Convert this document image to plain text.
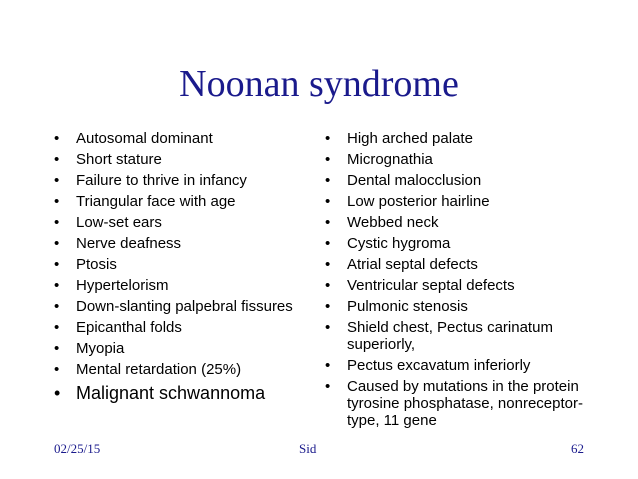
Noonan syndrome
• Autosomal dominant
• Short stature
• Failure to thrive in infancy
• Triangular face with age
• Low-set ears
• Nerve deafness
• Ptosis
• Hypertelorism
• Down-slanting palpebral fissures
• Epicanthal folds
• Myopia
• Mental retardation (25%)
• Malignant schwannoma
• High arched palate
• Micrognathia
• Dental malocclusion
• Low posterior hairline
• Webbed neck
• Cystic hygroma
• Atrial septal defects
• Ventricular septal defects
• Pulmonic stenosis
• Shield chest, Pectus carinatum superiorly,
• Pectus excavatum inferiorly
• Caused by mutations in the protein tyrosine phosphatase, nonreceptor-type, 11 gene
02/25/15	Sid	62
